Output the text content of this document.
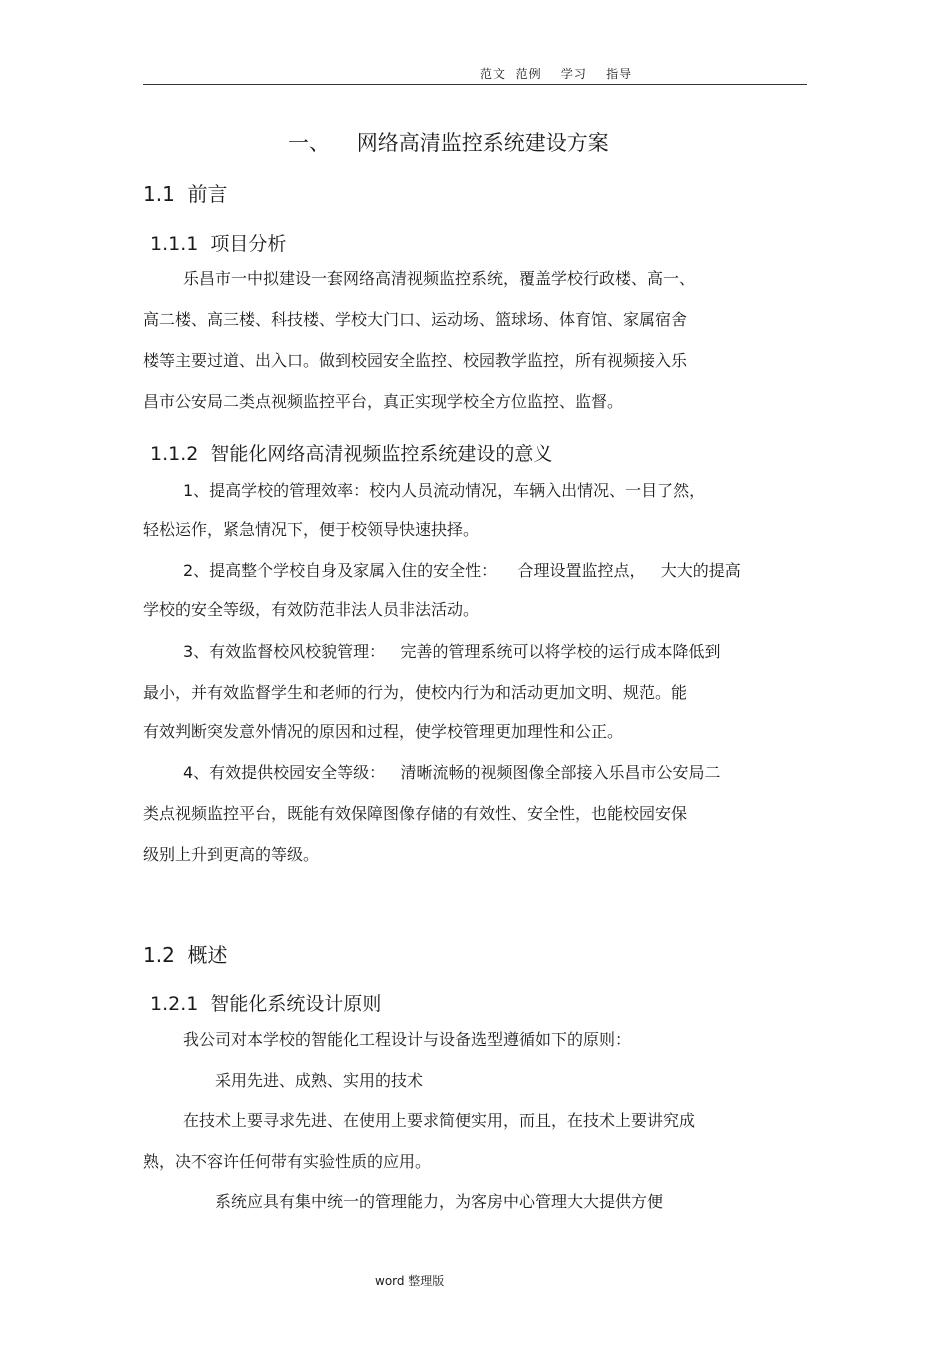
范文  范例    学习    指导
一、    网络高清监控系统建设方案
1.1  前言
1.1.1  项目分析
乐昌市一中拟建设一套网络高清视频监控系统，覆盖学校行政楼、高一、
高二楼、高三楼、科技楼、学校大门口、运动场、篮球场、体育馆、家属宿舍
楼等主要过道、出入口。做到校园安全监控、校园教学监控，所有视频接入乐
昌市公安局二类点视频监控平台，真正实现学校全方位监控、监督。
1.1.2  智能化网络高清视频监控系统建设的意义
1、提高学校的管理效率：校内人员流动情况，车辆入出情况、一目了然，
轻松运作，紧急情况下，便于校领导快速抉择。
2、提高整个学校自身及家属入住的安全性：    合理设置监控点，   大大的提高
学校的安全等级，有效防范非法人员非法活动。
3、有效监督校风校貌管理：   完善的管理系统可以将学校的运行成本降低到
最小，并有效监督学生和老师的行为，使校内行为和活动更加文明、规范。能
有效判断突发意外情况的原因和过程，使学校管理更加理性和公正。
4、有效提供校园安全等级：   清晰流畅的视频图像全部接入乐昌市公安局二
类点视频监控平台，既能有效保障图像存储的有效性、安全性，也能校园安保
级别上升到更高的等级。
1.2  概述
1.2.1  智能化系统设计原则
我公司对本学校的智能化工程设计与设备选型遵循如下的原则：
采用先进、成熟、实用的技术
在技术上要寻求先进、在使用上要求简便实用，而且，在技术上要讲究成
熟，决不容许任何带有实验性质的应用。
系统应具有集中统一的管理能力，为客房中心管理大大提供方便
word 整理版
